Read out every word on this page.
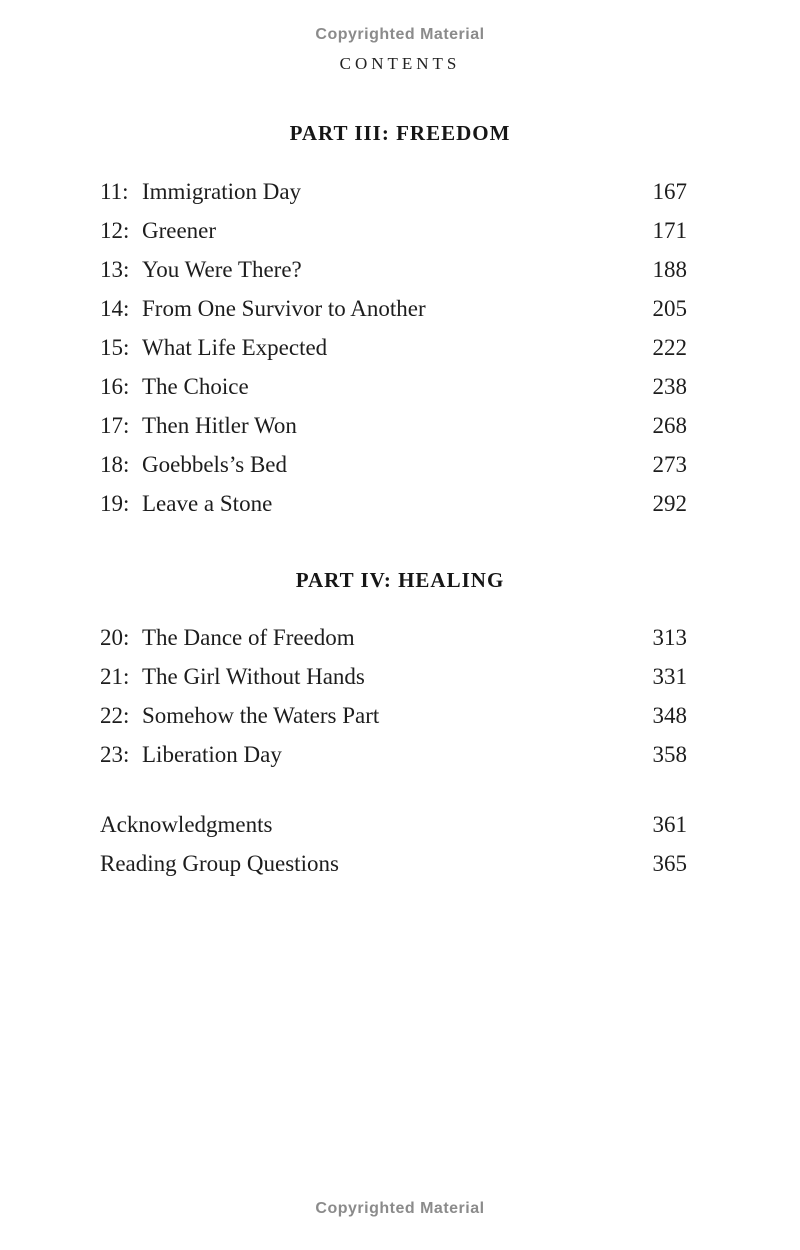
Copyrighted Material
CONTENTS
PART III: FREEDOM
11: Immigration Day	167
12: Greener	171
13: You Were There?	188
14: From One Survivor to Another	205
15: What Life Expected	222
16: The Choice	238
17: Then Hitler Won	268
18: Goebbels’s Bed	273
19: Leave a Stone	292
PART IV: HEALING
20: The Dance of Freedom	313
21: The Girl Without Hands	331
22: Somehow the Waters Part	348
23: Liberation Day	358
Acknowledgments	361
Reading Group Questions	365
Copyrighted Material
